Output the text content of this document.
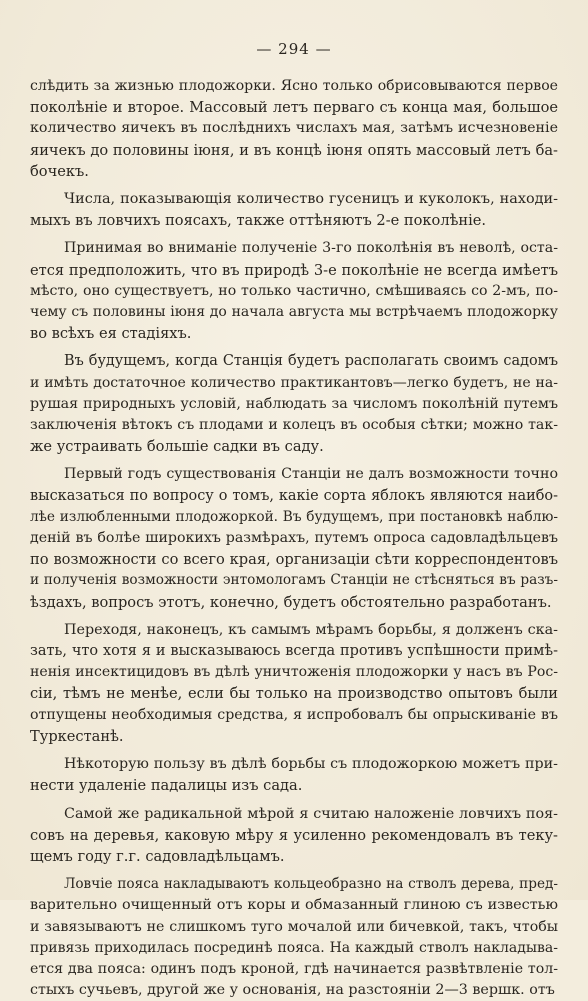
— 294 —
слѣдить за жизнью плодожорки. Ясно только обрисовываются первое
поколѣніе и второе. Массовый летъ перваго съ конца мая, большое
количество яичекъ въ послѣднихъ числахъ мая, затѣмъ исчезновеніе
яичекъ до половины іюня, и въ концѣ іюня опять массовый летъ ба-
бочекъ.
Числа, показывающія количество гусеницъ и куколокъ, находи-
мыхъ въ ловчихъ поясахъ, также оттѣняютъ 2-е поколѣніе.
Принимая во вниманіе полученіе 3-го поколѣнія въ неволѣ, оста-
ется предположить, что въ природѣ 3-е поколѣніе не всегда имѣетъ
мѣсто, оно существуетъ, но только частично, смѣшиваясь со 2-мъ, по-
чему съ половины іюня до начала августа мы встрѣчаемъ плодожорку
во всѣхъ ея стадіяхъ.
Въ будущемъ, когда Станція будетъ располагать своимъ садомъ
и имѣть достаточное количество практикантовъ—легко будетъ, не на-
рушая природныхъ условій, наблюдать за числомъ поколѣній путемъ
заключенія вѣтокъ съ плодами и колецъ въ особыя сѣтки; можно так-
же устраивать большіе садки въ саду.
Первый годъ существованія Станціи не далъ возможности точно
высказаться по вопросу о томъ, какіе сорта яблокъ являются наибо-
лѣе излюбленными плодожоркой. Въ будущемъ, при постановкѣ наблю-
деній въ болѣе широкихъ размѣрахъ, путемъ опроса садовладѣльцевъ
по возможности со всего края, организаціи сѣти корреспондентовъ
и полученія возможности энтомологамъ Станціи не стѣсняться въ разъ-
ѣздахъ, вопросъ этотъ, конечно, будетъ обстоятельно разработанъ.
Переходя, наконецъ, къ самымъ мѣрамъ борьбы, я долженъ ска-
зать, что хотя я и высказываюсь всегда противъ успѣшности примѣ-
ненія инсектицидовъ въ дѣлѣ уничтоженія плодожорки у насъ въ Рос-
сіи, тѣмъ не менѣе, если бы только на производство опытовъ были
отпущены необходимыя средства, я испробовалъ бы опрыскиваніе въ
Туркестанѣ.
Нѣкоторую пользу въ дѣлѣ борьбы съ плодожоркою можетъ при-
нести удаленіе падалицы изъ сада.
Самой же радикальной мѣрой я считаю наложеніе ловчихъ поя-
совъ на деревья, каковую мѣру я усиленно рекомендовалъ въ теку-
щемъ году г.г. садовладѣльцамъ.
Ловчіе пояса накладываютъ кольцеобразно на стволъ дерева, пред-
варительно очищенный отъ коры и обмазанный глиною съ известью
и завязываютъ не слишкомъ туго мочалой или бичевкой, такъ, чтобы
привязь приходилась посрединѣ пояса. На каждый стволъ накладыва-
ется два пояса: одинъ подъ кроной, гдѣ начинается развѣтвленіе тол-
стыхъ сучьевъ, другой же у основанія, на разстояніи 2—3 вершк. отъ
